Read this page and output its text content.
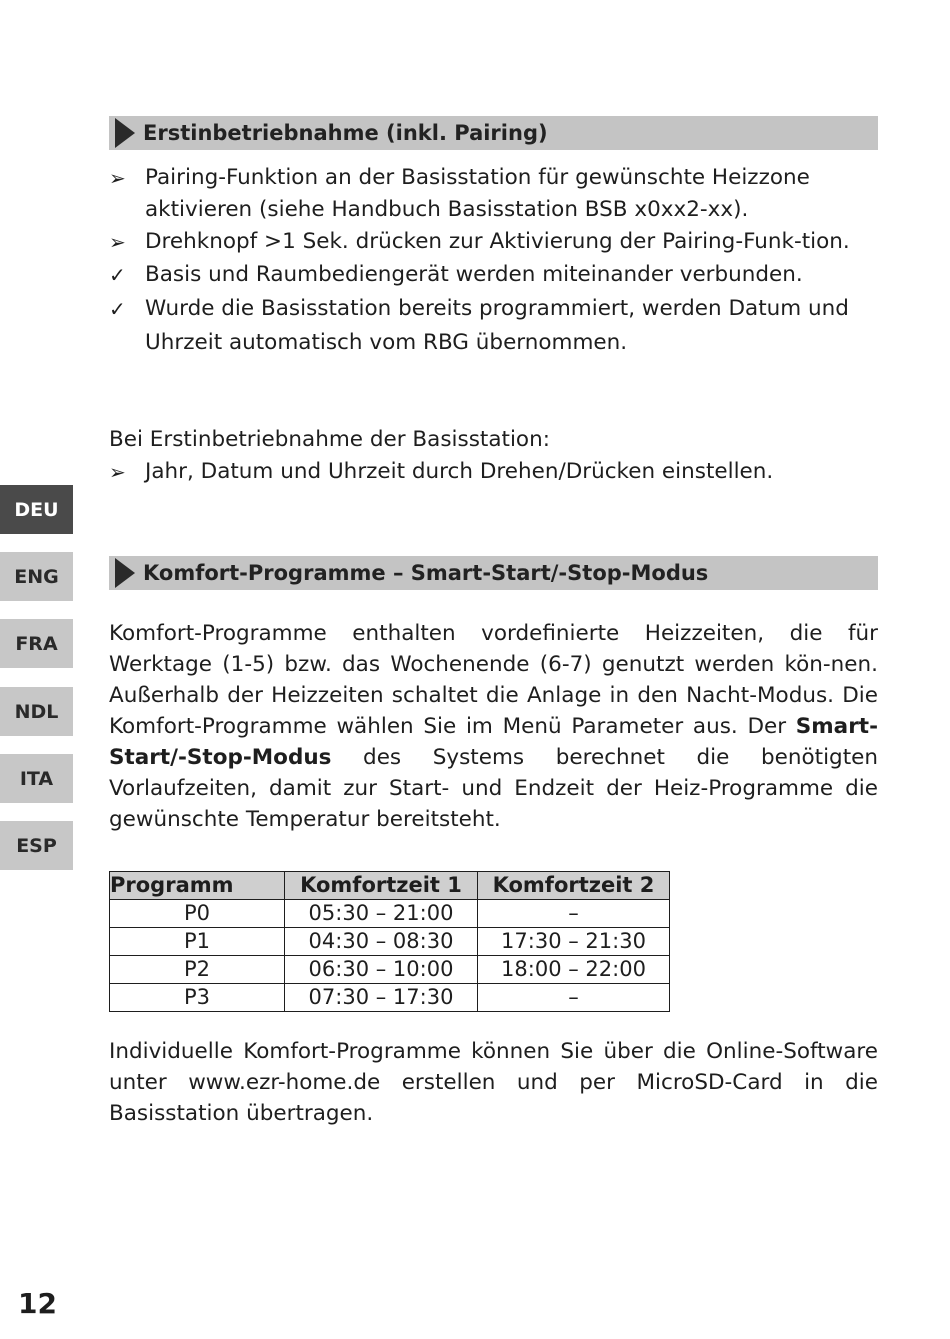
Erstinbetriebnahme (inkl. Pairing)
➢ Pairing-Funktion an der Basisstation für gewünschte Heizzone aktivieren (siehe Handbuch Basisstation BSB x0xx2-xx).
➢ Drehknopf >1 Sek. drücken zur Aktivierung der Pairing-Funk-tion.
✓ Basis und Raumbediengerät werden miteinander verbunden.
✓ Wurde die Basisstation bereits programmiert, werden Datum und Uhrzeit automatisch vom RBG übernommen.

Bei Erstinbetriebnahme der Basisstation:

➢ Jahr, Datum und Uhrzeit durch Drehen/Drücken einstellen.
Komfort-Programme – Smart-Start/-Stop-Modus

Komfort-Programme enthalten vordefinierte Heizzeiten, die für Werktage (1-5) bzw. das Wochenende (6-7) genutzt werden kön-nen. Außerhalb der Heizzeiten schaltet die Anlage in den Nacht-Modus. Die Komfort-Programme wählen Sie im Menü Parameter aus. Der Smart-Start/-Stop-Modus des Systems berechnet die benötigten Vorlaufzeiten, damit zur Start- und Endzeit der Heiz-Programme die gewünschte Temperatur bereitsteht.

Programm	Komfortzeit 1	Komfortzeit 2
P0	05:30 – 21:00	–
P1	04:30 – 08:30	17:30 – 21:30
P2	06:30 – 10:00	18:00 – 22:00
P3	07:30 – 17:30	–

Individuelle Komfort-Programme können Sie über die Online-Software unter www.ezr-home.de erstellen und per MicroSD-Card in die Basisstation übertragen.

DEU
ENG
FRA
NDL
ITA
ESP
12
